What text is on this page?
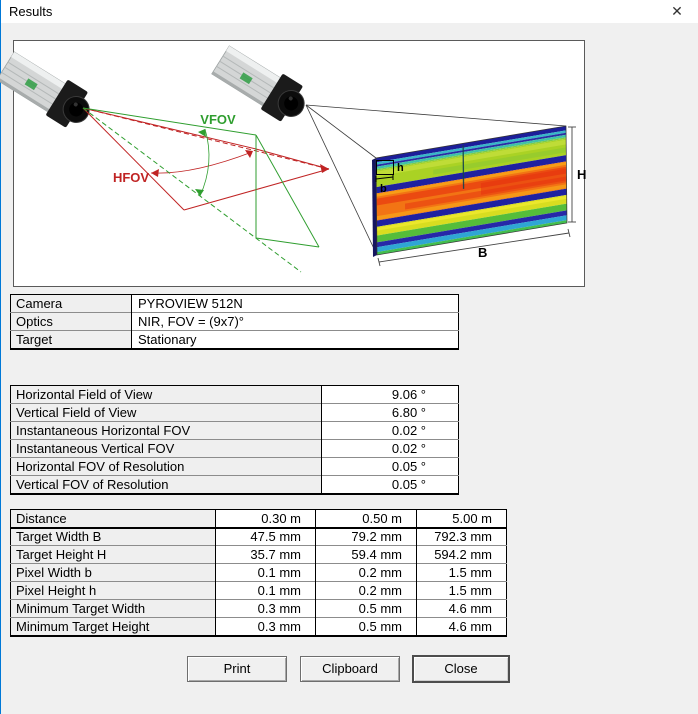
Results	✕
HFOV
VFOV
h
b
H
B
Camera	PYROVIEW 512N
Optics	NIR, FOV = (9x7)°
Target	Stationary
Horizontal Field of View	9.06 °
Vertical Field of View	6.80 °
Instantaneous Horizontal FOV	0.02 °
Instantaneous Vertical FOV	0.02 °
Horizontal FOV of Resolution	0.05 °
Vertical FOV of Resolution	0.05 °
Distance	0.30 m	0.50 m	5.00 m
Target Width B	47.5 mm	79.2 mm	792.3 mm
Target Height H	35.7 mm	59.4 mm	594.2 mm
Pixel Width b	0.1 mm	0.2 mm	1.5 mm
Pixel Height h	0.1 mm	0.2 mm	1.5 mm
Minimum Target Width	0.3 mm	0.5 mm	4.6 mm
Minimum Target Height	0.3 mm	0.5 mm	4.6 mm
Print	Clipboard	Close
